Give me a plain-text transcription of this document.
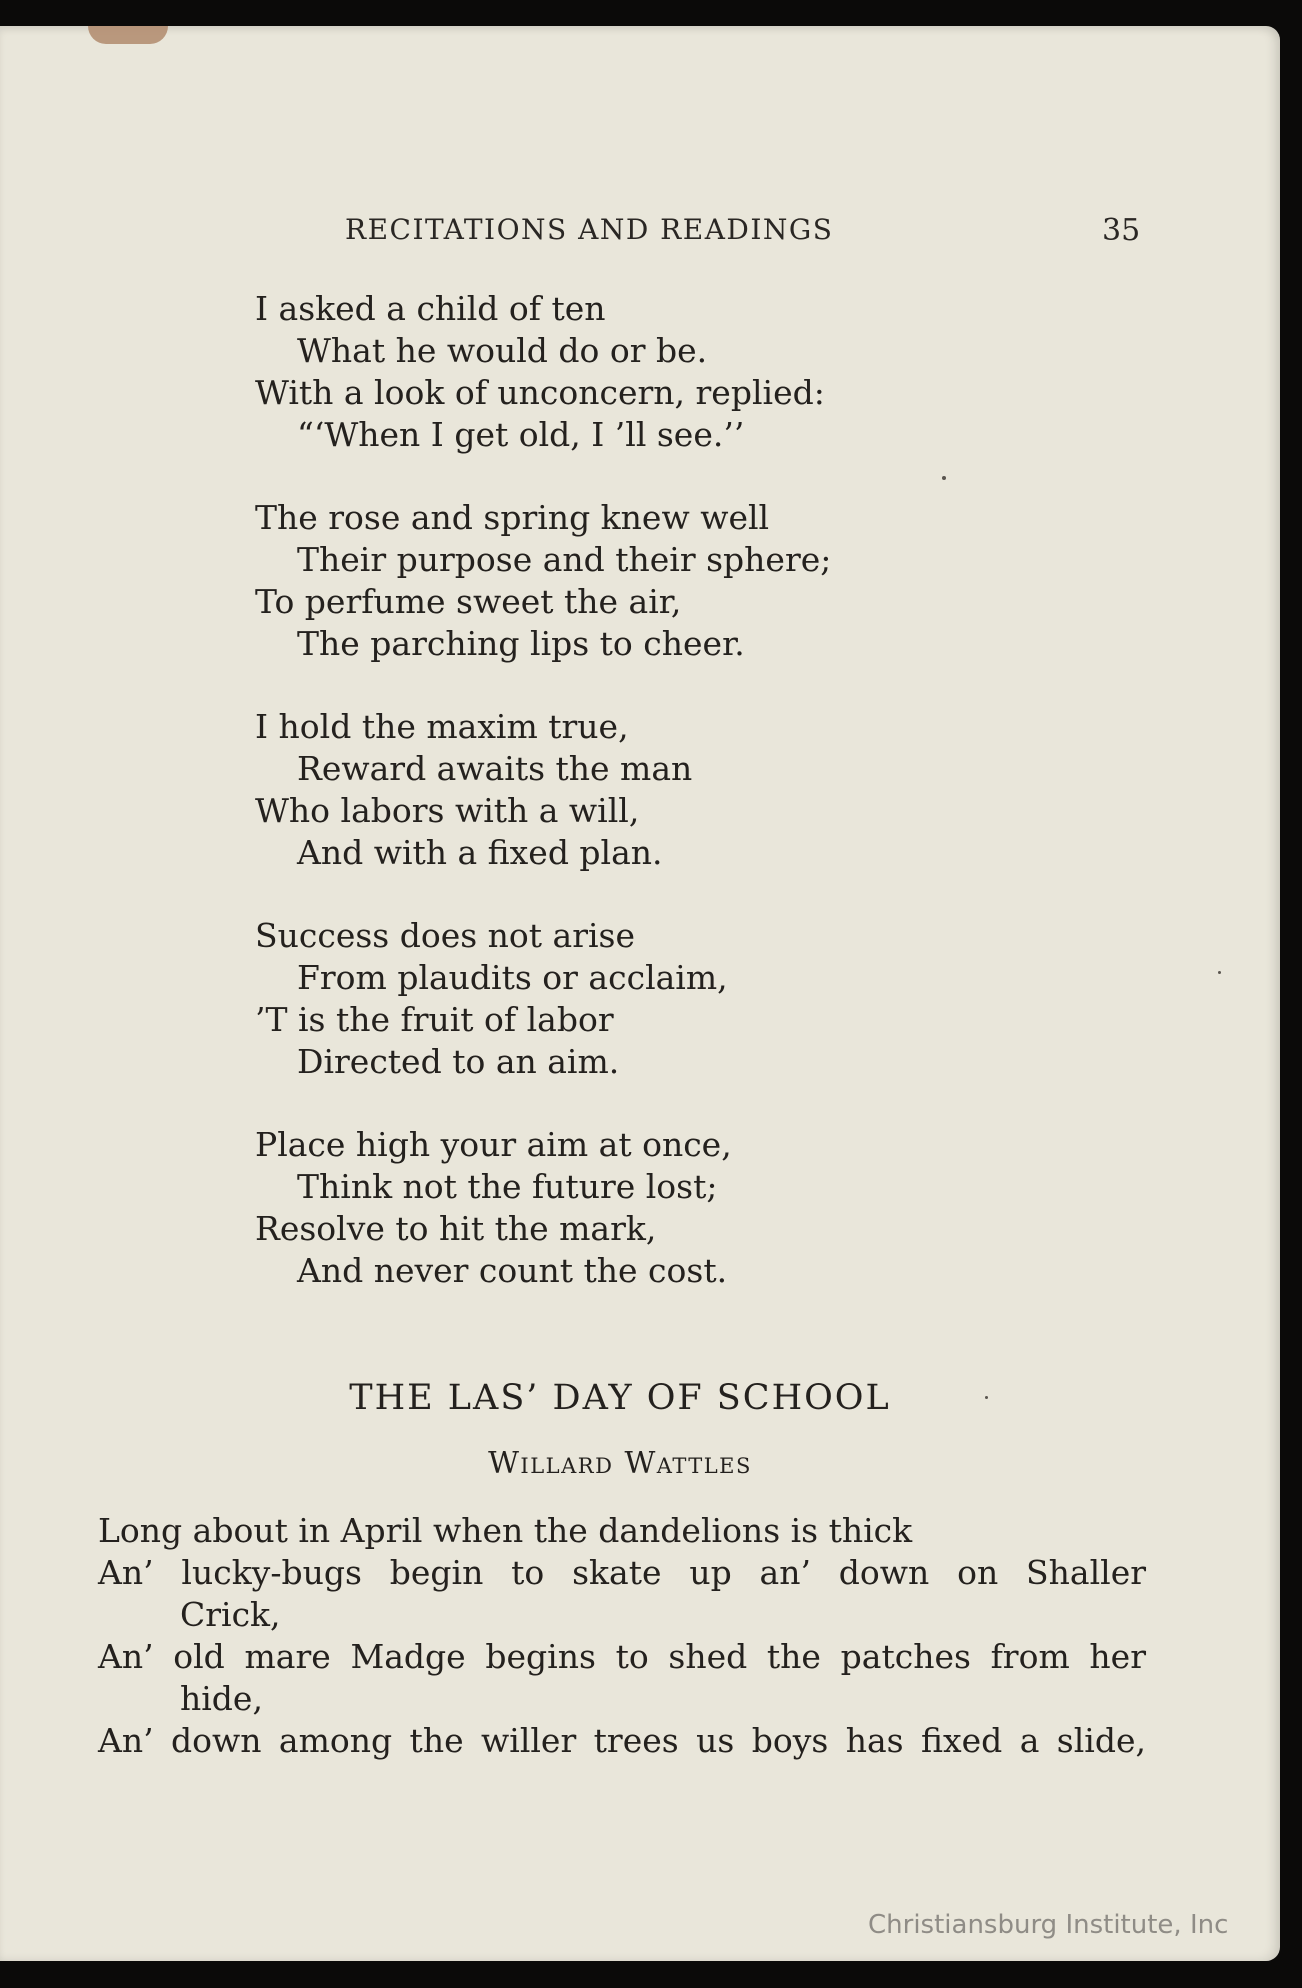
RECITATIONS AND READINGS	35
I asked a child of ten
What he would do or be.
With a look of unconcern, replied:
“‘When I get old, I ’ll see.’’
The rose and spring knew well
Their purpose and their sphere;
To perfume sweet the air,
The parching lips to cheer.
I hold the maxim true,
Reward awaits the man
Who labors with a will,
And with a fixed plan.
Success does not arise
From plaudits or acclaim,
’T is the fruit of labor
Directed to an aim.
Place high your aim at once,
Think not the future lost;
Resolve to hit the mark,
And never count the cost.
THE LAS’ DAY OF SCHOOL
Willard Wattles
Long about in April when the dandelions is thick
An’ lucky-bugs begin to skate up an’ down on Shaller
Crick,
An’ old mare Madge begins to shed the patches from her
hide,
An’ down among the willer trees us boys has fixed a slide,
Christiansburg Institute, Inc
